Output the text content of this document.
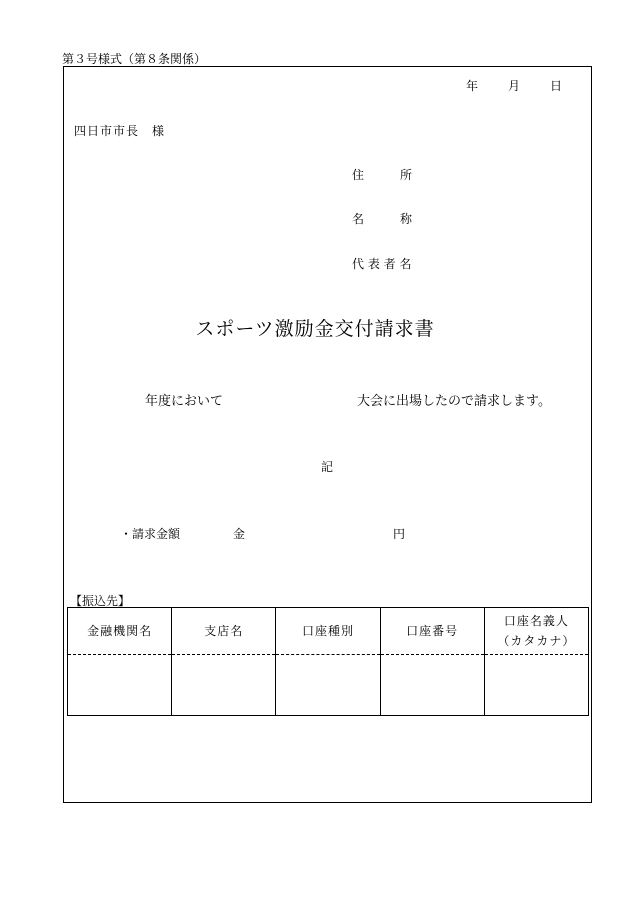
第３号様式（第８条関係）
年	月	日
四日市市長　様
住　　　所
名　　　称
代 表 者 名
スポーツ激励金交付請求書
年度において	大会に出場したので請求します。
記
・請求金額	金	円
【振込先】
金融機関名	支店名	口座種別	口座番号	口座名義人
（カタカナ）
